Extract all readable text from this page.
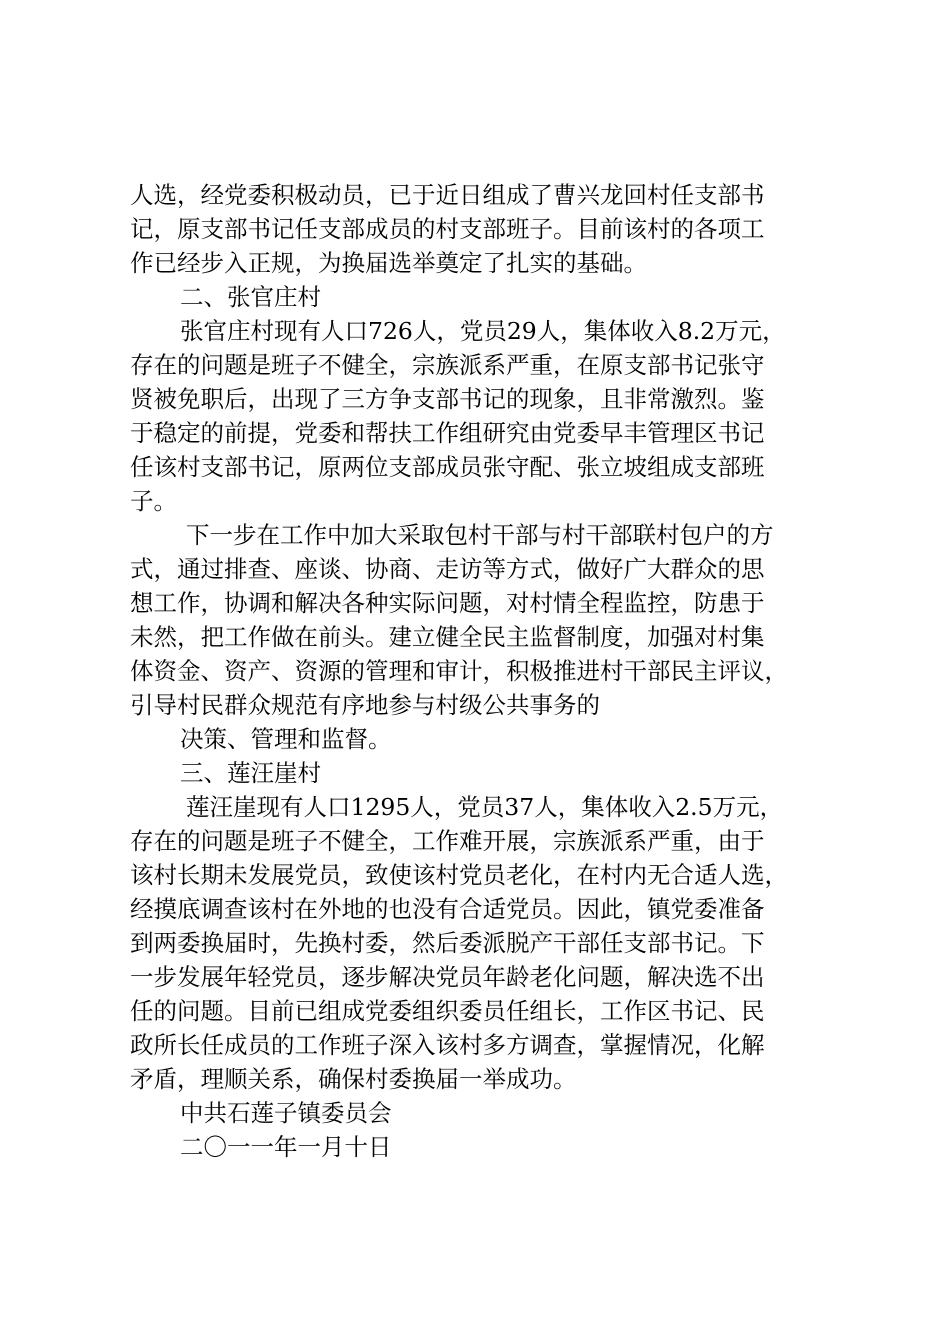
人选，经党委积极动员，已于近日组成了曹兴龙回村任支部书
记，原支部书记任支部成员的村支部班子。目前该村的各项工
作已经步入正规，为换届选举奠定了扎实的基础。
二、张官庄村
张官庄村现有人口726人，党员29人，集体收入8.2万元，
存在的问题是班子不健全，宗族派系严重，在原支部书记张守
贤被免职后，出现了三方争支部书记的现象，且非常激烈。鉴
于稳定的前提，党委和帮扶工作组研究由党委早丰管理区书记
任该村支部书记，原两位支部成员张守配、张立坡组成支部班
子。
下一步在工作中加大采取包村干部与村干部联村包户的方
式，通过排查、座谈、协商、走访等方式，做好广大群众的思
想工作，协调和解决各种实际问题，对村情全程监控，防患于
未然，把工作做在前头。建立健全民主监督制度，加强对村集
体资金、资产、资源的管理和审计，积极推进村干部民主评议，
引导村民群众规范有序地参与村级公共事务的
决策、管理和监督。
三、莲汪崖村
莲汪崖现有人口1295人，党员37人，集体收入2.5万元，
存在的问题是班子不健全，工作难开展，宗族派系严重，由于
该村长期未发展党员，致使该村党员老化，在村内无合适人选，
经摸底调查该村在外地的也没有合适党员。因此，镇党委准备
到两委换届时，先换村委，然后委派脱产干部任支部书记。下
一步发展年轻党员，逐步解决党员年龄老化问题，解决选不出
任的问题。目前已组成党委组织委员任组长，工作区书记、民
政所长任成员的工作班子深入该村多方调查，掌握情况，化解
矛盾，理顺关系，确保村委换届一举成功。
中共石莲子镇委员会
二〇一一年一月十日
